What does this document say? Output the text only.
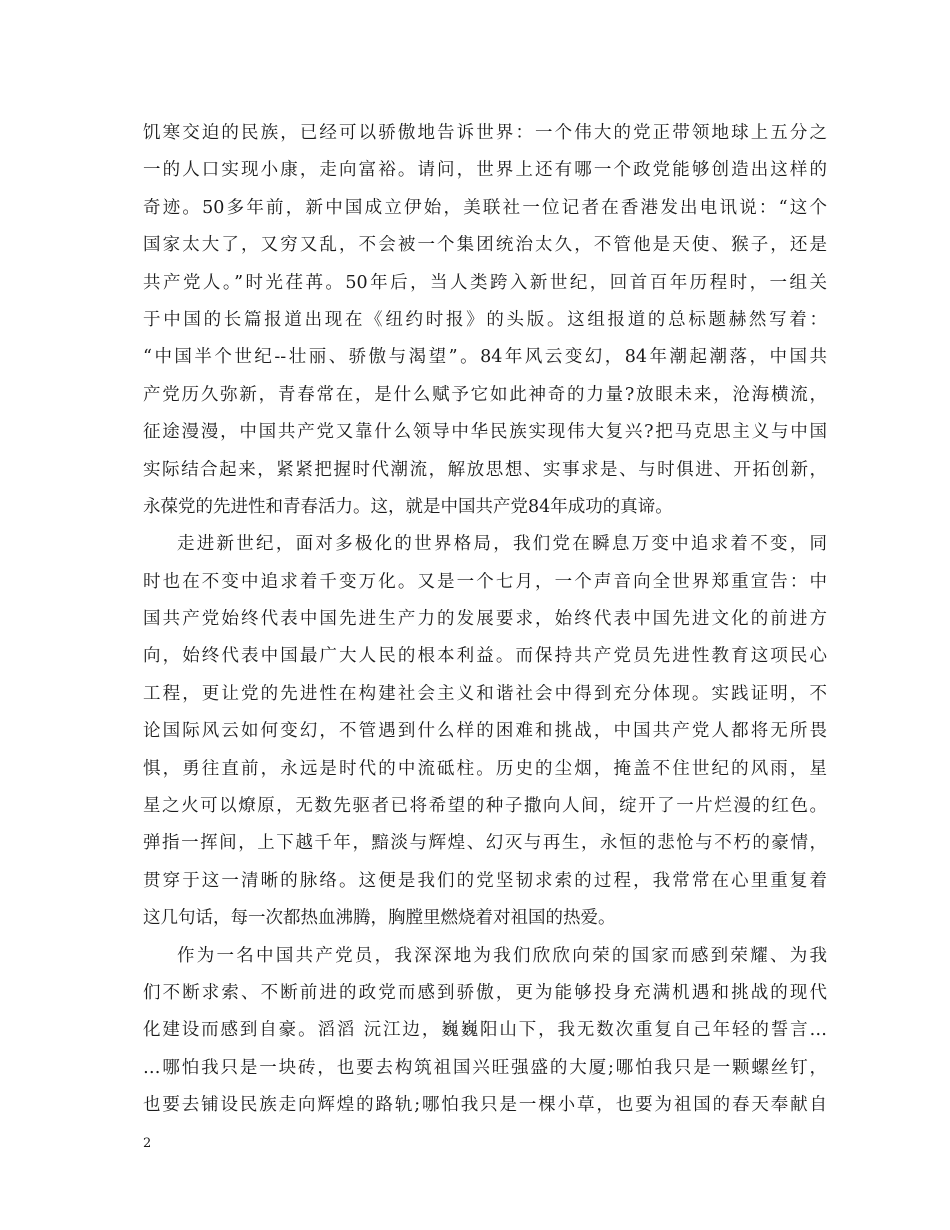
饥寒交迫的民族，已经可以骄傲地告诉世界：一个伟大的党正带领地球上五分之
一的人口实现小康，走向富裕。请问，世界上还有哪一个政党能够创造出这样的
奇迹。50多年前，新中国成立伊始，美联社一位记者在香港发出电讯说：“这个
国家太大了，又穷又乱，不会被一个集团统治太久，不管他是天使、猴子，还是
共产党人。”时光荏苒。50年后，当人类跨入新世纪，回首百年历程时，一组关
于中国的长篇报道出现在《纽约时报》的头版。这组报道的总标题赫然写着：
“中国半个世纪--壮丽、骄傲与渴望”。84年风云变幻，84年潮起潮落，中国共
产党历久弥新，青春常在，是什么赋予它如此神奇的力量?放眼未来，沧海横流，
征途漫漫，中国共产党又靠什么领导中华民族实现伟大复兴?把马克思主义与中国
实际结合起来，紧紧把握时代潮流，解放思想、实事求是、与时俱进、开拓创新，
永葆党的先进性和青春活力。这，就是中国共产党84年成功的真谛。
走进新世纪，面对多极化的世界格局，我们党在瞬息万变中追求着不变，同
时也在不变中追求着千变万化。又是一个七月，一个声音向全世界郑重宣告：中
国共产党始终代表中国先进生产力的发展要求，始终代表中国先进文化的前进方
向，始终代表中国最广大人民的根本利益。而保持共产党员先进性教育这项民心
工程，更让党的先进性在构建社会主义和谐社会中得到充分体现。实践证明，不
论国际风云如何变幻，不管遇到什么样的困难和挑战，中国共产党人都将无所畏
惧，勇往直前，永远是时代的中流砥柱。历史的尘烟，掩盖不住世纪的风雨，星
星之火可以燎原，无数先驱者已将希望的种子撒向人间，绽开了一片烂漫的红色。
弹指一挥间，上下越千年，黯淡与辉煌、幻灭与再生，永恒的悲怆与不朽的豪情，
贯穿于这一清晰的脉络。这便是我们的党坚韧求索的过程，我常常在心里重复着
这几句话，每一次都热血沸腾，胸膛里燃烧着对祖国的热爱。
作为一名中国共产党员，我深深地为我们欣欣向荣的国家而感到荣耀、为我
们不断求索、不断前进的政党而感到骄傲，更为能够投身充满机遇和挑战的现代
化建设而感到自豪。滔滔 沅江边，巍巍阳山下，我无数次重复自己年轻的誓言…
…哪怕我只是一块砖，也要去构筑祖国兴旺强盛的大厦;哪怕我只是一颗螺丝钉，
也要去铺设民族走向辉煌的路轨;哪怕我只是一棵小草，也要为祖国的春天奉献自
2
